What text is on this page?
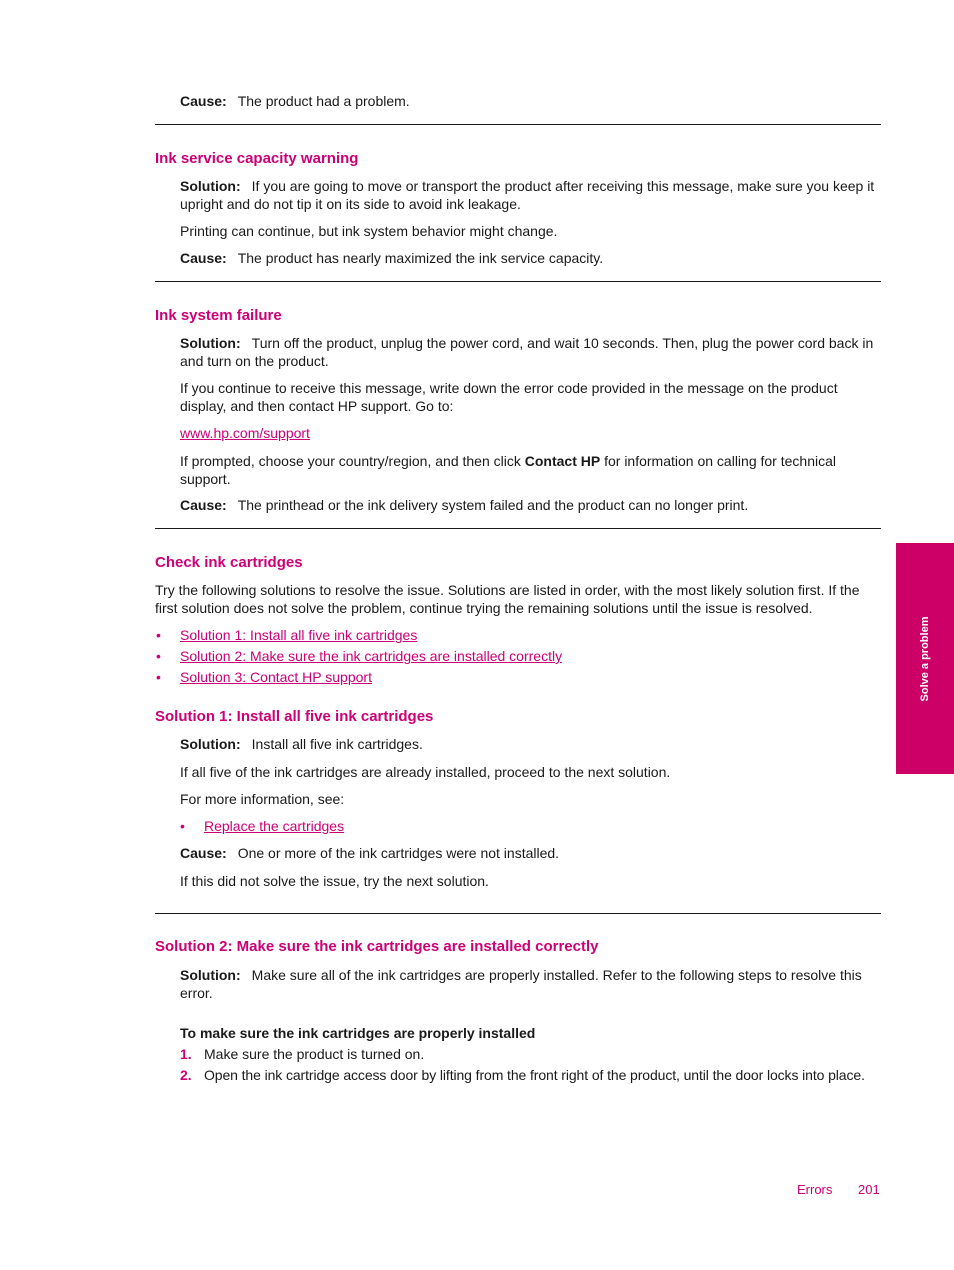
Cause: The product had a problem.

Ink service capacity warning

Solution: If you are going to move or transport the product after receiving this message, make sure you keep it upright and do not tip it on its side to avoid ink leakage.

Printing can continue, but ink system behavior might change.

Cause: The product has nearly maximized the ink service capacity.

Ink system failure

Solution: Turn off the product, unplug the power cord, and wait 10 seconds. Then, plug the power cord back in and turn on the product.

If you continue to receive this message, write down the error code provided in the message on the product display, and then contact HP support. Go to:

www.hp.com/support

If prompted, choose your country/region, and then click Contact HP for information on calling for technical support.

Cause: The printhead or the ink delivery system failed and the product can no longer print.

Check ink cartridges

Try the following solutions to resolve the issue. Solutions are listed in order, with the most likely solution first. If the first solution does not solve the problem, continue trying the remaining solutions until the issue is resolved.

• Solution 1: Install all five ink cartridges
• Solution 2: Make sure the ink cartridges are installed correctly
• Solution 3: Contact HP support
Solution 1: Install all five ink cartridges

Solution: Install all five ink cartridges.

If all five of the ink cartridges are already installed, proceed to the next solution.

For more information, see:

• Replace the cartridges

Cause: One or more of the ink cartridges were not installed.

If this did not solve the issue, try the next solution.

Solution 2: Make sure the ink cartridges are installed correctly

Solution: Make sure all of the ink cartridges are properly installed. Refer to the following steps to resolve this error.

To make sure the ink cartridges are properly installed

1. Make sure the product is turned on.
2. Open the ink cartridge access door by lifting from the front right of the product, until the door locks into place.
Solve a problem
Errors 201
